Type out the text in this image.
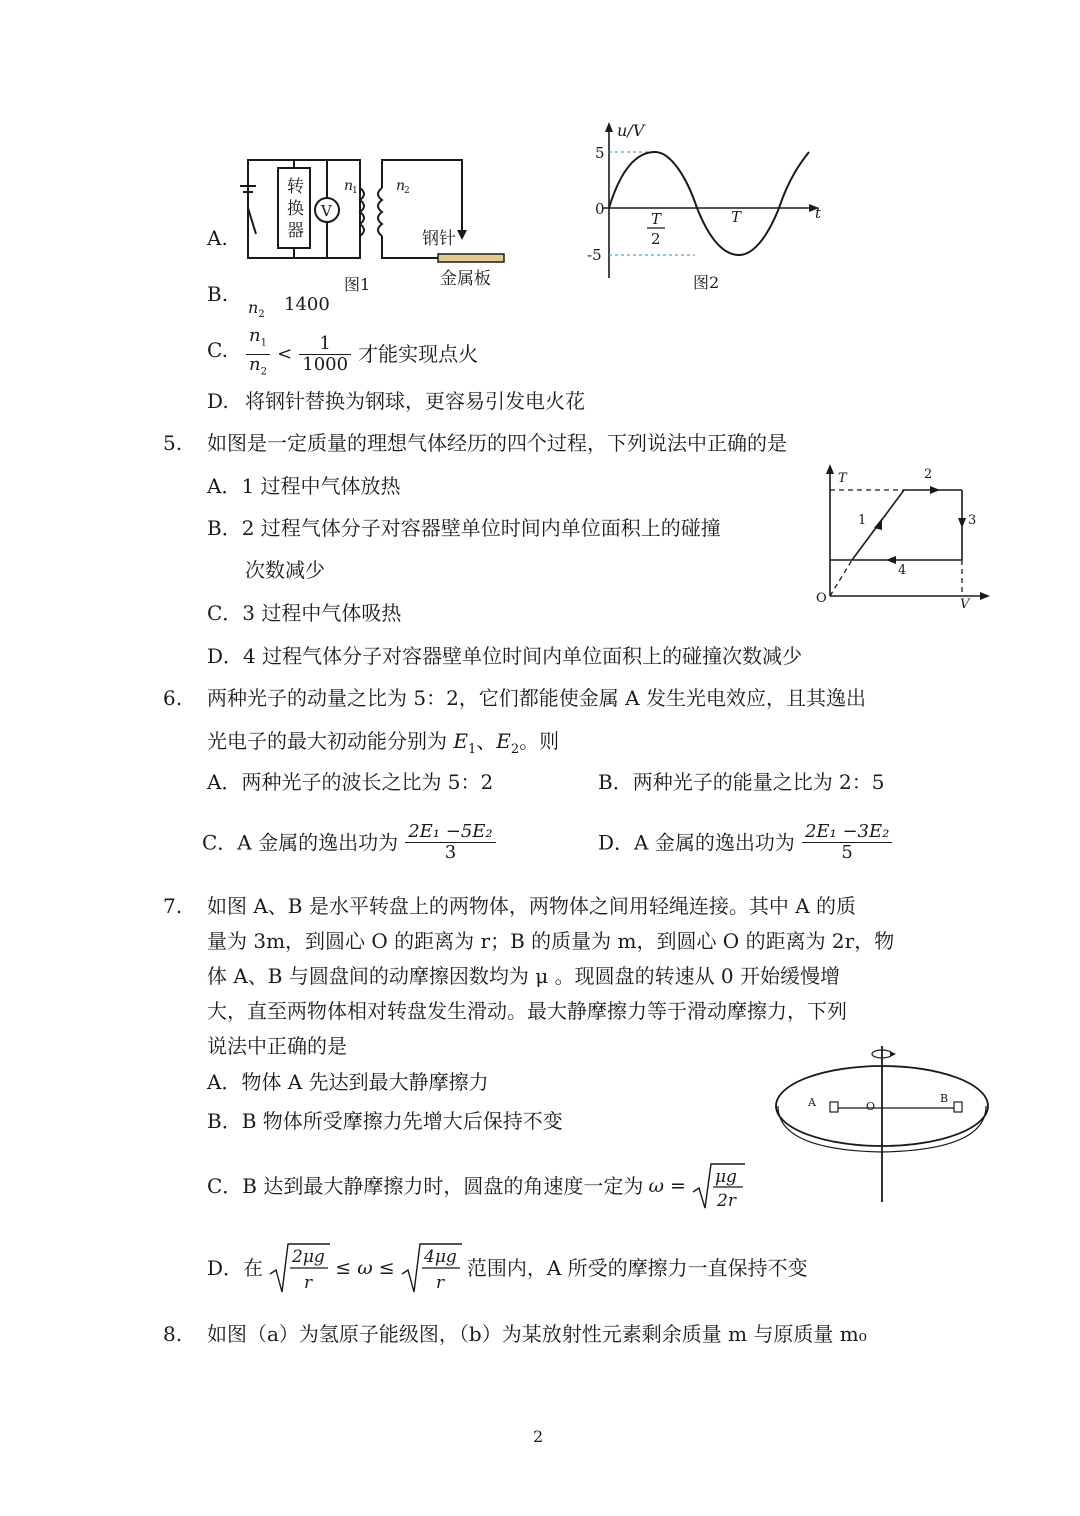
转
换
器
V
n
1	n
2
钢针
金属板
图1
u/V
t
5
0
-5
T
2
T
图2
A.
B.
$n_2$ 1400
C. $\frac{n_1}{n_2} < \frac{1}{1000}$ 才能实现点火
D. 将钢针替换为钢球，更容易引发电火花
5. 如图是一定质量的理想气体经历的四个过程，下列说法中正确的是
A．1 过程中气体放热
B．2 过程气体分子对容器壁单位时间内单位面积上的碰撞
次数减少
C．3 过程中气体吸热
D．4 过程气体分子对容器壁单位时间内单位面积上的碰撞次数减少
T
V
O
1
2
3
4
6. 两种光子的动量之比为 5：2，它们都能使金属 A 发生光电效应，且其逸出
光电子的最大初动能分别为 $E_1$、$E_2$。则
A．两种光子的波长之比为 5：2	B．两种光子的能量之比为 2：5
C．A 金属的逸出功为 $\frac{\text{2E₁ −5E₂}}{3}$	D．A 金属的逸出功为 $\frac{\text{2E₁ −3E₂}}{5}$
7. 如图 A、B 是水平转盘上的两物体，两物体之间用轻绳连接。其中 A 的质
量为 3m，到圆心 O 的距离为 r；B 的质量为 m，到圆心 O 的距离为 2r，物
体 A、B 与圆盘间的动摩擦因数均为 μ 。现圆盘的转速从 0 开始缓慢增
大，直至两物体相对转盘发生滑动。最大静摩擦力等于滑动摩擦力，下列
说法中正确的是
A．物体 A 先达到最大静摩擦力
B．B 物体所受摩擦力先增大后保持不变
C．B 达到最大静摩擦力时，圆盘的角速度一定为 ω = μg
2r
D．在 2μg
r
≤ ω ≤ 4μg
r
范围内，A 所受的摩擦力一直保持不变
A	O
B
8. 如图（a）为氢原子能级图，（b）为某放射性元素剩余质量 m 与原质量 m₀
2
